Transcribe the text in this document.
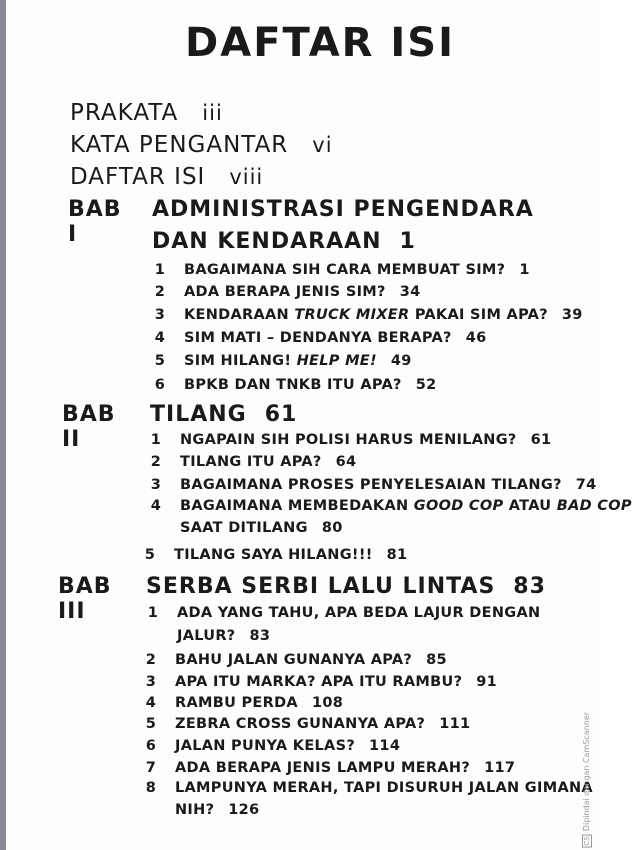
DAFTAR ISI
PRAKATA iii
KATA PENGANTAR vi
DAFTAR ISI viii
BAB I
ADMINISTRASI PENGENDARA
DAN KENDARAAN 1
1 BAGAIMANA SIH CARA MEMBUAT SIM? 1
2 ADA BERAPA JENIS SIM? 34
3 KENDARAAN TRUCK MIXER PAKAI SIM APA? 39
4 SIM MATI – DENDANYA BERAPA? 46
5 SIM HILANG! HELP ME! 49
6 BPKB DAN TNKB ITU APA? 52
BAB II
TILANG 61
1 NGAPAIN SIH POLISI HARUS MENILANG? 61
2 TILANG ITU APA? 64
3 BAGAIMANA PROSES PENYELESAIAN TILANG? 74
4 BAGAIMANA MEMBEDAKAN GOOD COP ATAU BAD COP
SAAT DITILANG 80
5 TILANG SAYA HILANG!!! 81
BAB III
SERBA SERBI LALU LINTAS 83
1 ADA YANG TAHU, APA BEDA LAJUR DENGAN
JALUR? 83
2 BAHU JALAN GUNANYA APA? 85
3 APA ITU MARKA? APA ITU RAMBU? 91
4 RAMBU PERDA 108
5 ZEBRA CROSS GUNANYA APA? 111
6 JALAN PUNYA KELAS? 114
7 ADA BERAPA JENIS LAMPU MERAH? 117
8 LAMPUNYA MERAH, TAPI DISURUH JALAN GIMANA
NIH? 126
CSDipindai dengan CamScanner
